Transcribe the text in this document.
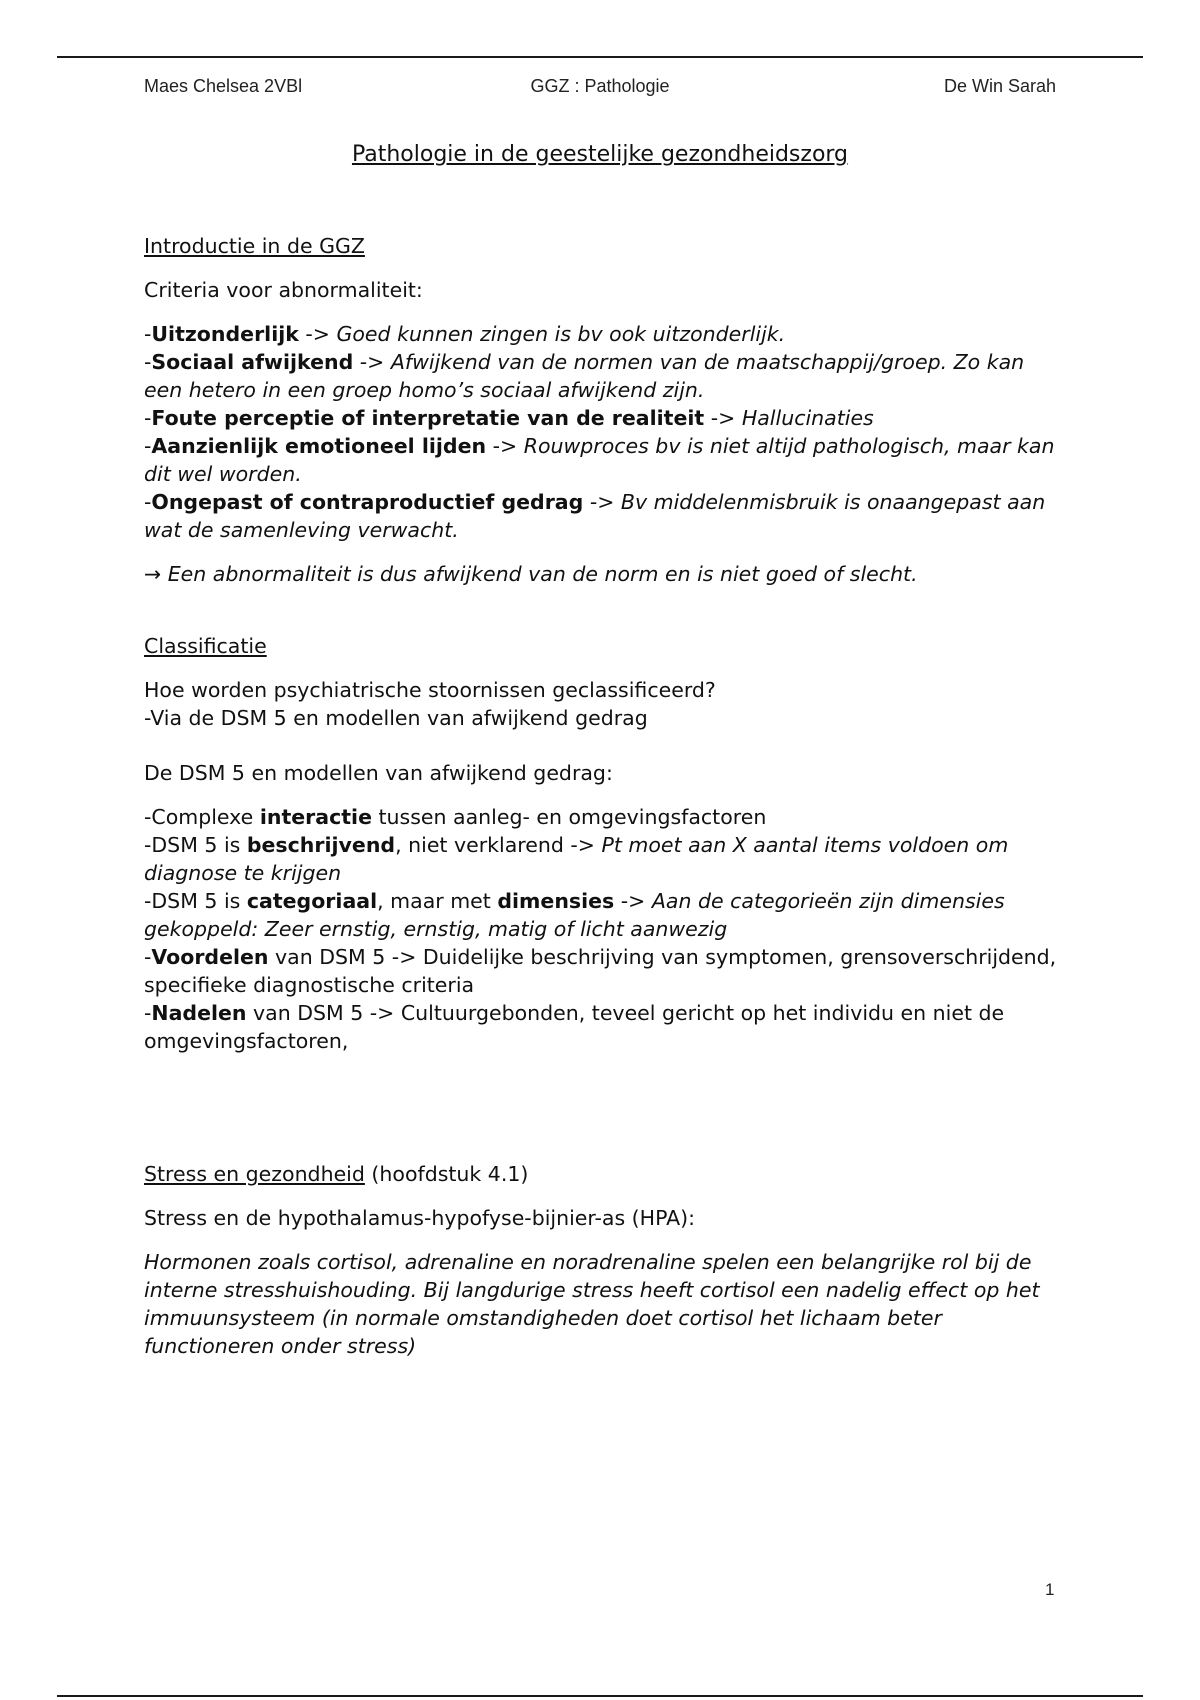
Maes Chelsea 2VBl	GGZ : Pathologie	De Win Sarah
Pathologie in de geestelijke gezondheidszorg

Introductie in de GGZ

Criteria voor abnormaliteit:

-Uitzonderlijk -> Goed kunnen zingen is bv ook uitzonderlijk.

-Sociaal afwijkend -> Afwijkend van de normen van de maatschappij/groep. Zo kan een hetero in een groep homo’s sociaal afwijkend zijn.

-Foute perceptie of interpretatie van de realiteit -> Hallucinaties

-Aanzienlijk emotioneel lijden -> Rouwproces bv is niet altijd pathologisch, maar kan dit wel worden.

-Ongepast of contraproductief gedrag -> Bv middelenmisbruik is onaangepast aan wat de samenleving verwacht.

→ Een abnormaliteit is dus afwijkend van de norm en is niet goed of slecht.

Classificatie

Hoe worden psychiatrische stoornissen geclassificeerd?

-Via de DSM 5 en modellen van afwijkend gedrag

De DSM 5 en modellen van afwijkend gedrag:

-Complexe interactie tussen aanleg- en omgevingsfactoren

-DSM 5 is beschrijvend, niet verklarend -> Pt moet aan X aantal items voldoen om diagnose te krijgen

-DSM 5 is categoriaal, maar met dimensies -> Aan de categorieën zijn dimensies gekoppeld: Zeer ernstig, ernstig, matig of licht aanwezig

-Voordelen van DSM 5 -> Duidelijke beschrijving van symptomen, grensoverschrijdend, specifieke diagnostische criteria

-Nadelen van DSM 5 -> Cultuurgebonden, teveel gericht op het individu en niet de omgevingsfactoren,

Stress en gezondheid (hoofdstuk 4.1)

Stress en de hypothalamus-hypofyse-bijnier-as (HPA):

Hormonen zoals cortisol, adrenaline en noradrenaline spelen een belangrijke rol bij de interne stresshuishouding. Bij langdurige stress heeft cortisol een nadelig effect op het immuunsysteem (in normale omstandigheden doet cortisol het lichaam beter functioneren onder stress)

1
